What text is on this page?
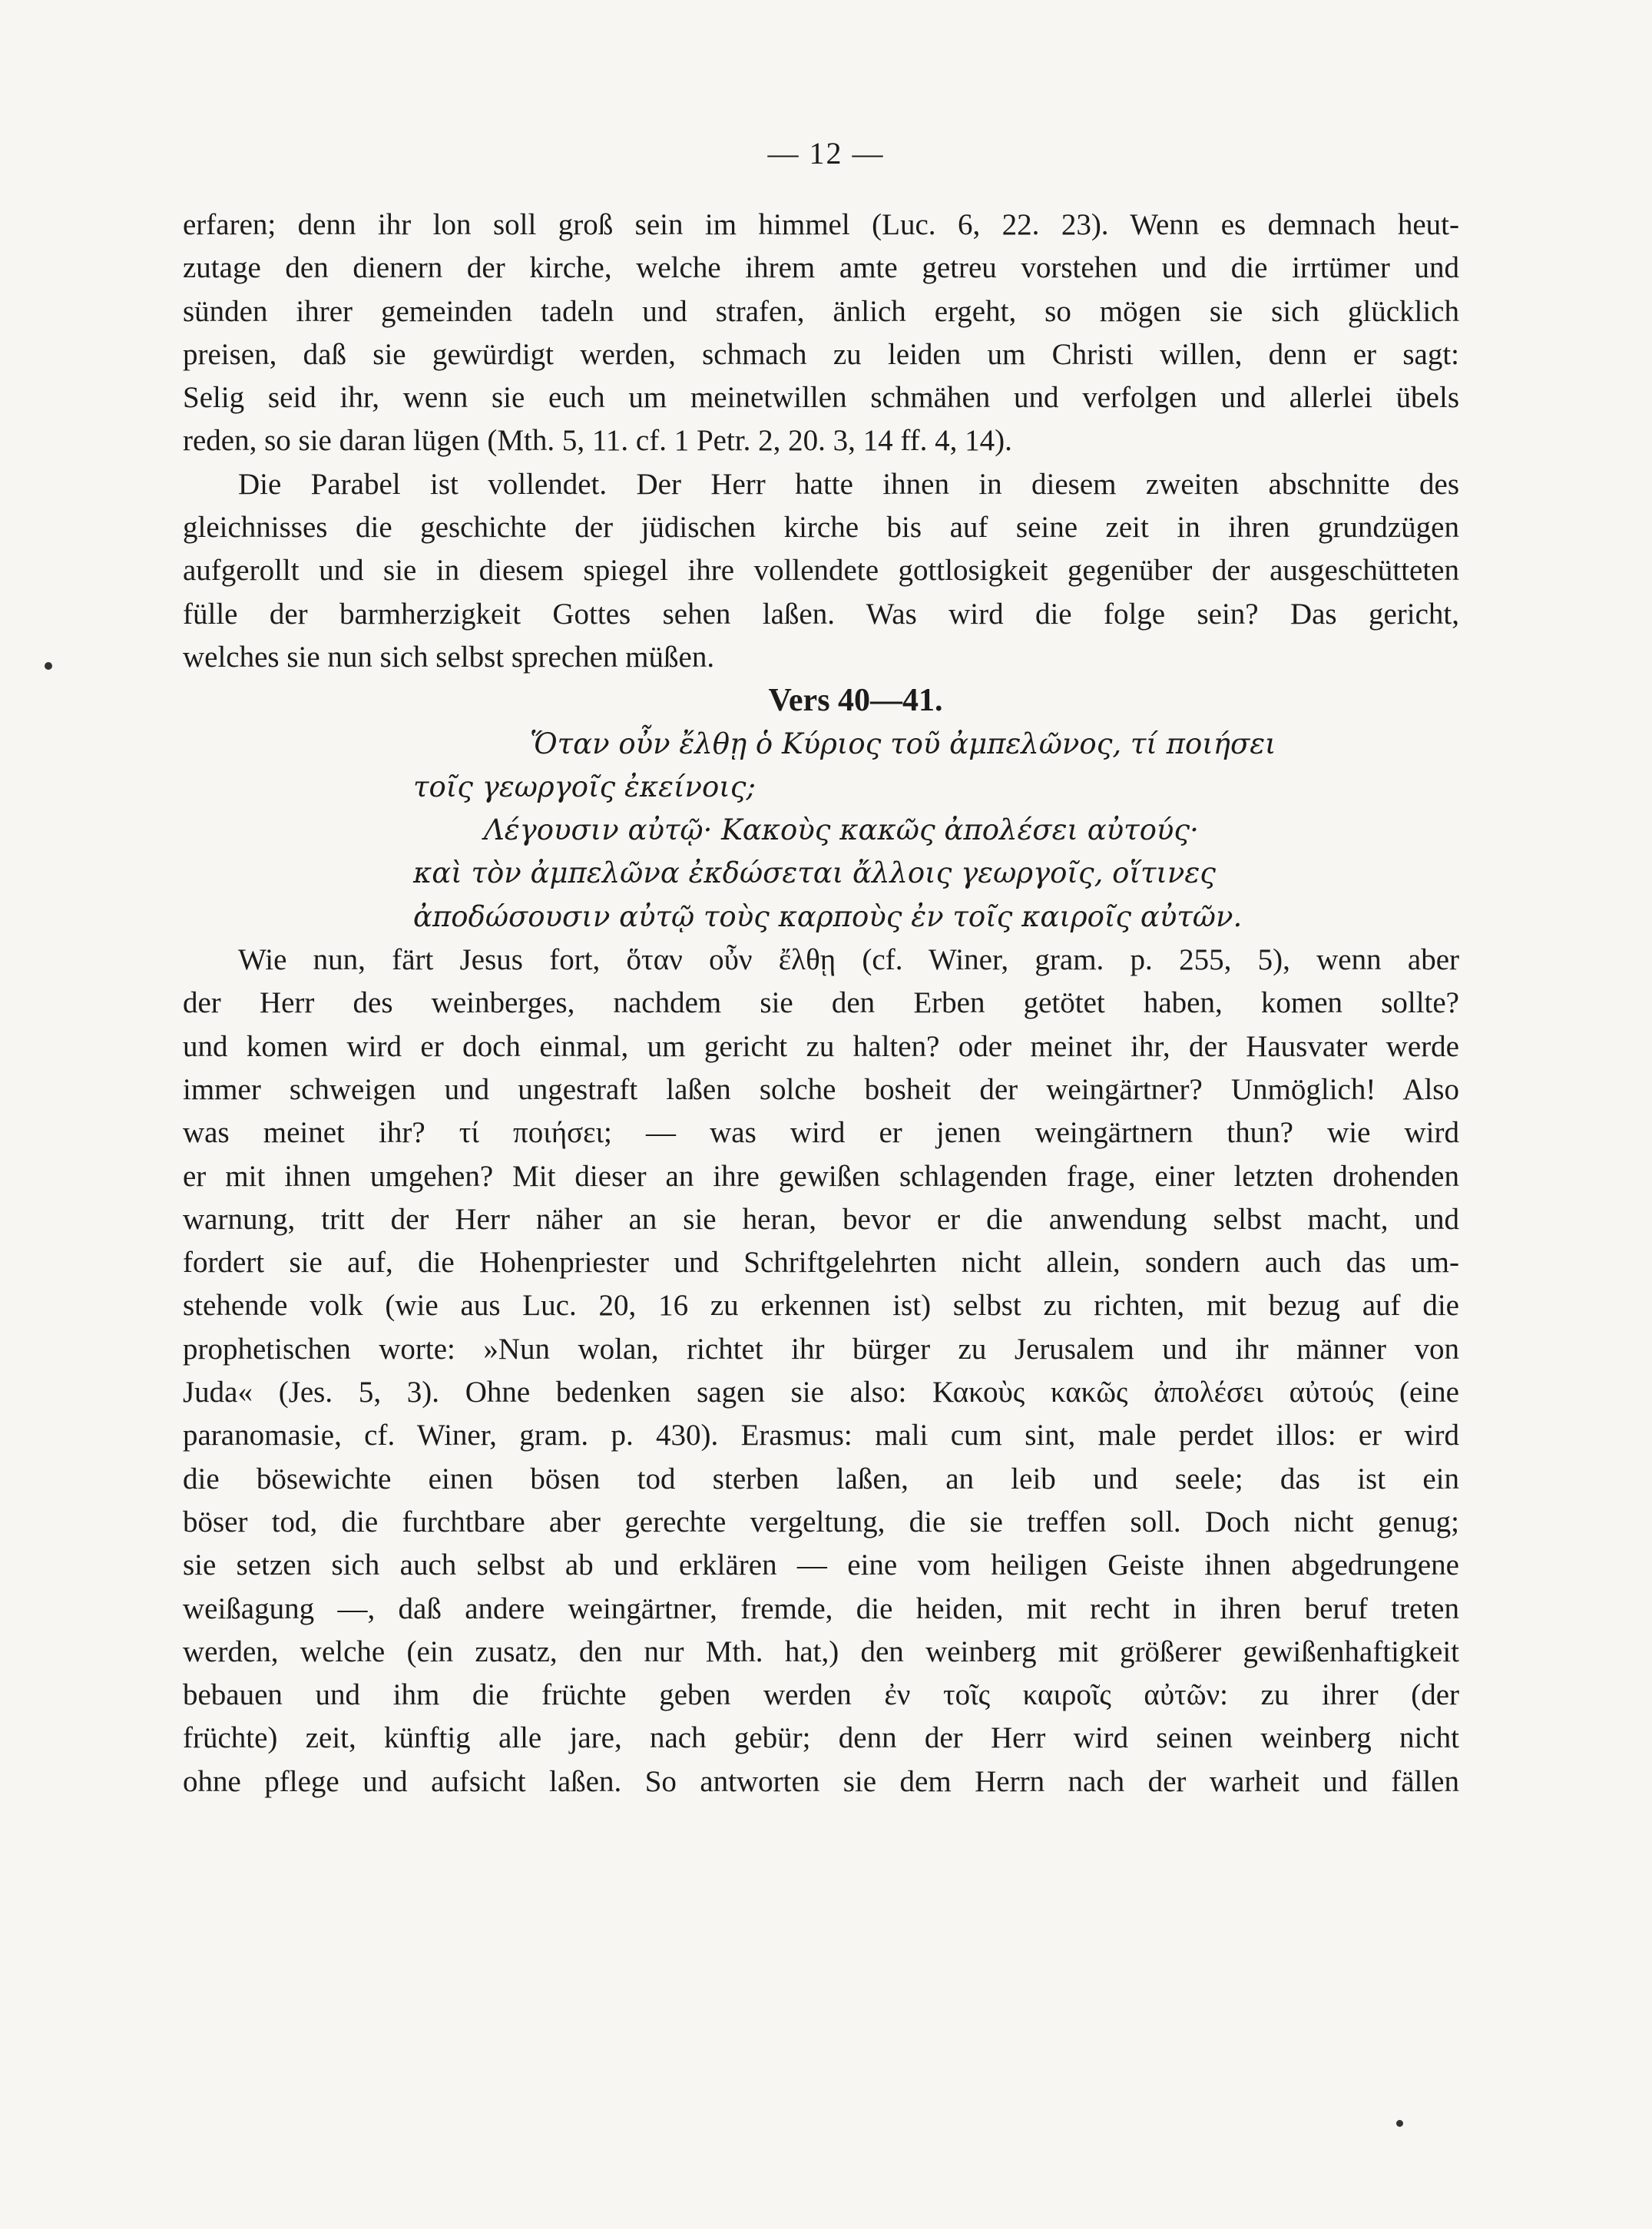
— 12 —
erfaren; denn ihr lon soll groß sein im himmel (Luc. 6, 22. 23). Wenn es demnach heut-
zutage den dienern der kirche, welche ihrem amte getreu vorstehen und die irrtümer und
sünden ihrer gemeinden tadeln und strafen, änlich ergeht, so mögen sie sich glücklich
preisen, daß sie gewürdigt werden, schmach zu leiden um Christi willen, denn er sagt:
Selig seid ihr, wenn sie euch um meinetwillen schmähen und verfolgen und allerlei übels
reden, so sie daran lügen (Mth. 5, 11. cf. 1 Petr. 2, 20. 3, 14 ff. 4, 14).
Die Parabel ist vollendet. Der Herr hatte ihnen in diesem zweiten abschnitte des
gleichnisses die geschichte der jüdischen kirche bis auf seine zeit in ihren grundzügen
aufgerollt und sie in diesem spiegel ihre vollendete gottlosigkeit gegenüber der ausgeschütteten
fülle der barmherzigkeit Gottes sehen laßen. Was wird die folge sein? Das gericht,
welches sie nun sich selbst sprechen müßen.
Vers 40—41.
Ὅταν οὖν ἔλθῃ ὁ Κύριος τοῦ ἀμπελῶνος, τί ποιήσει
τοῖς γεωργοῖς ἐκείνοις;
Λέγουσιν αὐτῷ· Κακοὺς κακῶς ἀπολέσει αὐτούς·
καὶ τὸν ἀμπελῶνα ἐκδώσεται ἄλλοις γεωργοῖς, οἵτινες
ἀποδώσουσιν αὐτῷ τοὺς καρποὺς ἐν τοῖς καιροῖς αὐτῶν.
Wie nun, färt Jesus fort, ὅταν οὖν ἔλθῃ (cf. Winer, gram. p. 255, 5), wenn aber
der Herr des weinberges, nachdem sie den Erben getötet haben, komen sollte?
und komen wird er doch einmal, um gericht zu halten? oder meinet ihr, der Hausvater werde
immer schweigen und ungestraft laßen solche bosheit der weingärtner? Unmöglich! Also
was meinet ihr? τί ποιήσει; — was wird er jenen weingärtnern thun? wie wird
er mit ihnen umgehen? Mit dieser an ihre gewißen schlagenden frage, einer letzten drohenden
warnung, tritt der Herr näher an sie heran, bevor er die anwendung selbst macht, und
fordert sie auf, die Hohenpriester und Schriftgelehrten nicht allein, sondern auch das um-
stehende volk (wie aus Luc. 20, 16 zu erkennen ist) selbst zu richten, mit bezug auf die
prophetischen worte: »Nun wolan, richtet ihr bürger zu Jerusalem und ihr männer von
Juda« (Jes. 5, 3). Ohne bedenken sagen sie also: Κακοὺς κακῶς ἀπολέσει αὐτούς (eine
paranomasie, cf. Winer, gram. p. 430). Erasmus: mali cum sint, male perdet illos: er wird
die bösewichte einen bösen tod sterben laßen, an leib und seele; das ist ein
böser tod, die furchtbare aber gerechte vergeltung, die sie treffen soll. Doch nicht genug;
sie setzen sich auch selbst ab und erklären — eine vom heiligen Geiste ihnen abgedrungene
weißagung —, daß andere weingärtner, fremde, die heiden, mit recht in ihren beruf treten
werden, welche (ein zusatz, den nur Mth. hat,) den weinberg mit größerer gewißenhaftigkeit
bebauen und ihm die früchte geben werden ἐν τοῖς καιροῖς αὐτῶν: zu ihrer (der
früchte) zeit, künftig alle jare, nach gebür; denn der Herr wird seinen weinberg nicht
ohne pflege und aufsicht laßen. So antworten sie dem Herrn nach der warheit und fällen
